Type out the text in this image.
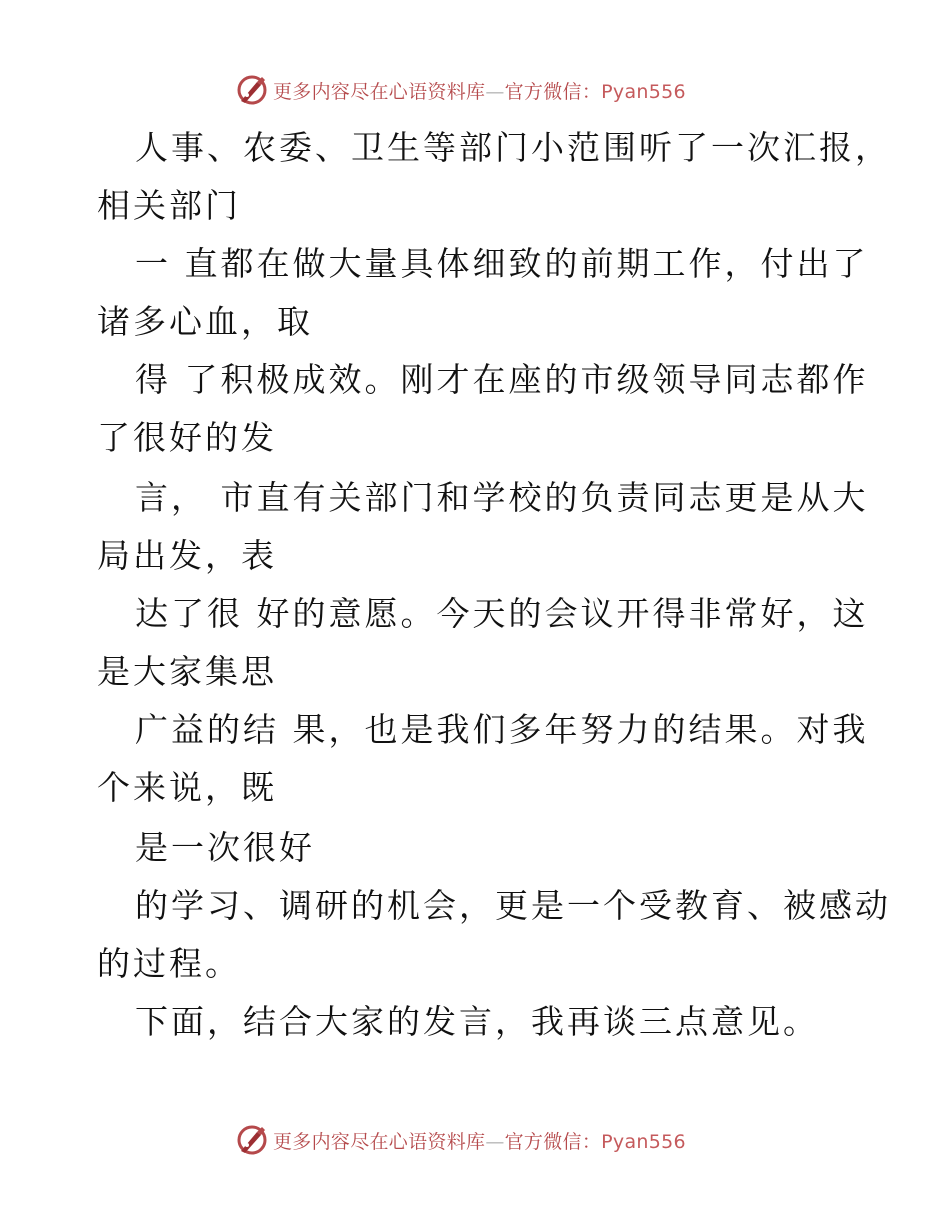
更多内容尽在心语资料库—官方微信：Pyan556
人事、农委、卫生等部门小范围听了一次汇报，
相关部门
一 直都在做大量具体细致的前期工作，付出了
诸多心血，取
得 了积极成效。刚才在座的市级领导同志都作
了很好的发
言， 市直有关部门和学校的负责同志更是从大
局出发，表
达了很 好的意愿。今天的会议开得非常好，这
是大家集思
广益的结 果，也是我们多年努力的结果。对我
个来说，既
是一次很好
的学习、调研的机会，更是一个受教育、被感动
的过程。
下面，结合大家的发言，我再谈三点意见。
更多内容尽在心语资料库—官方微信：Pyan556
